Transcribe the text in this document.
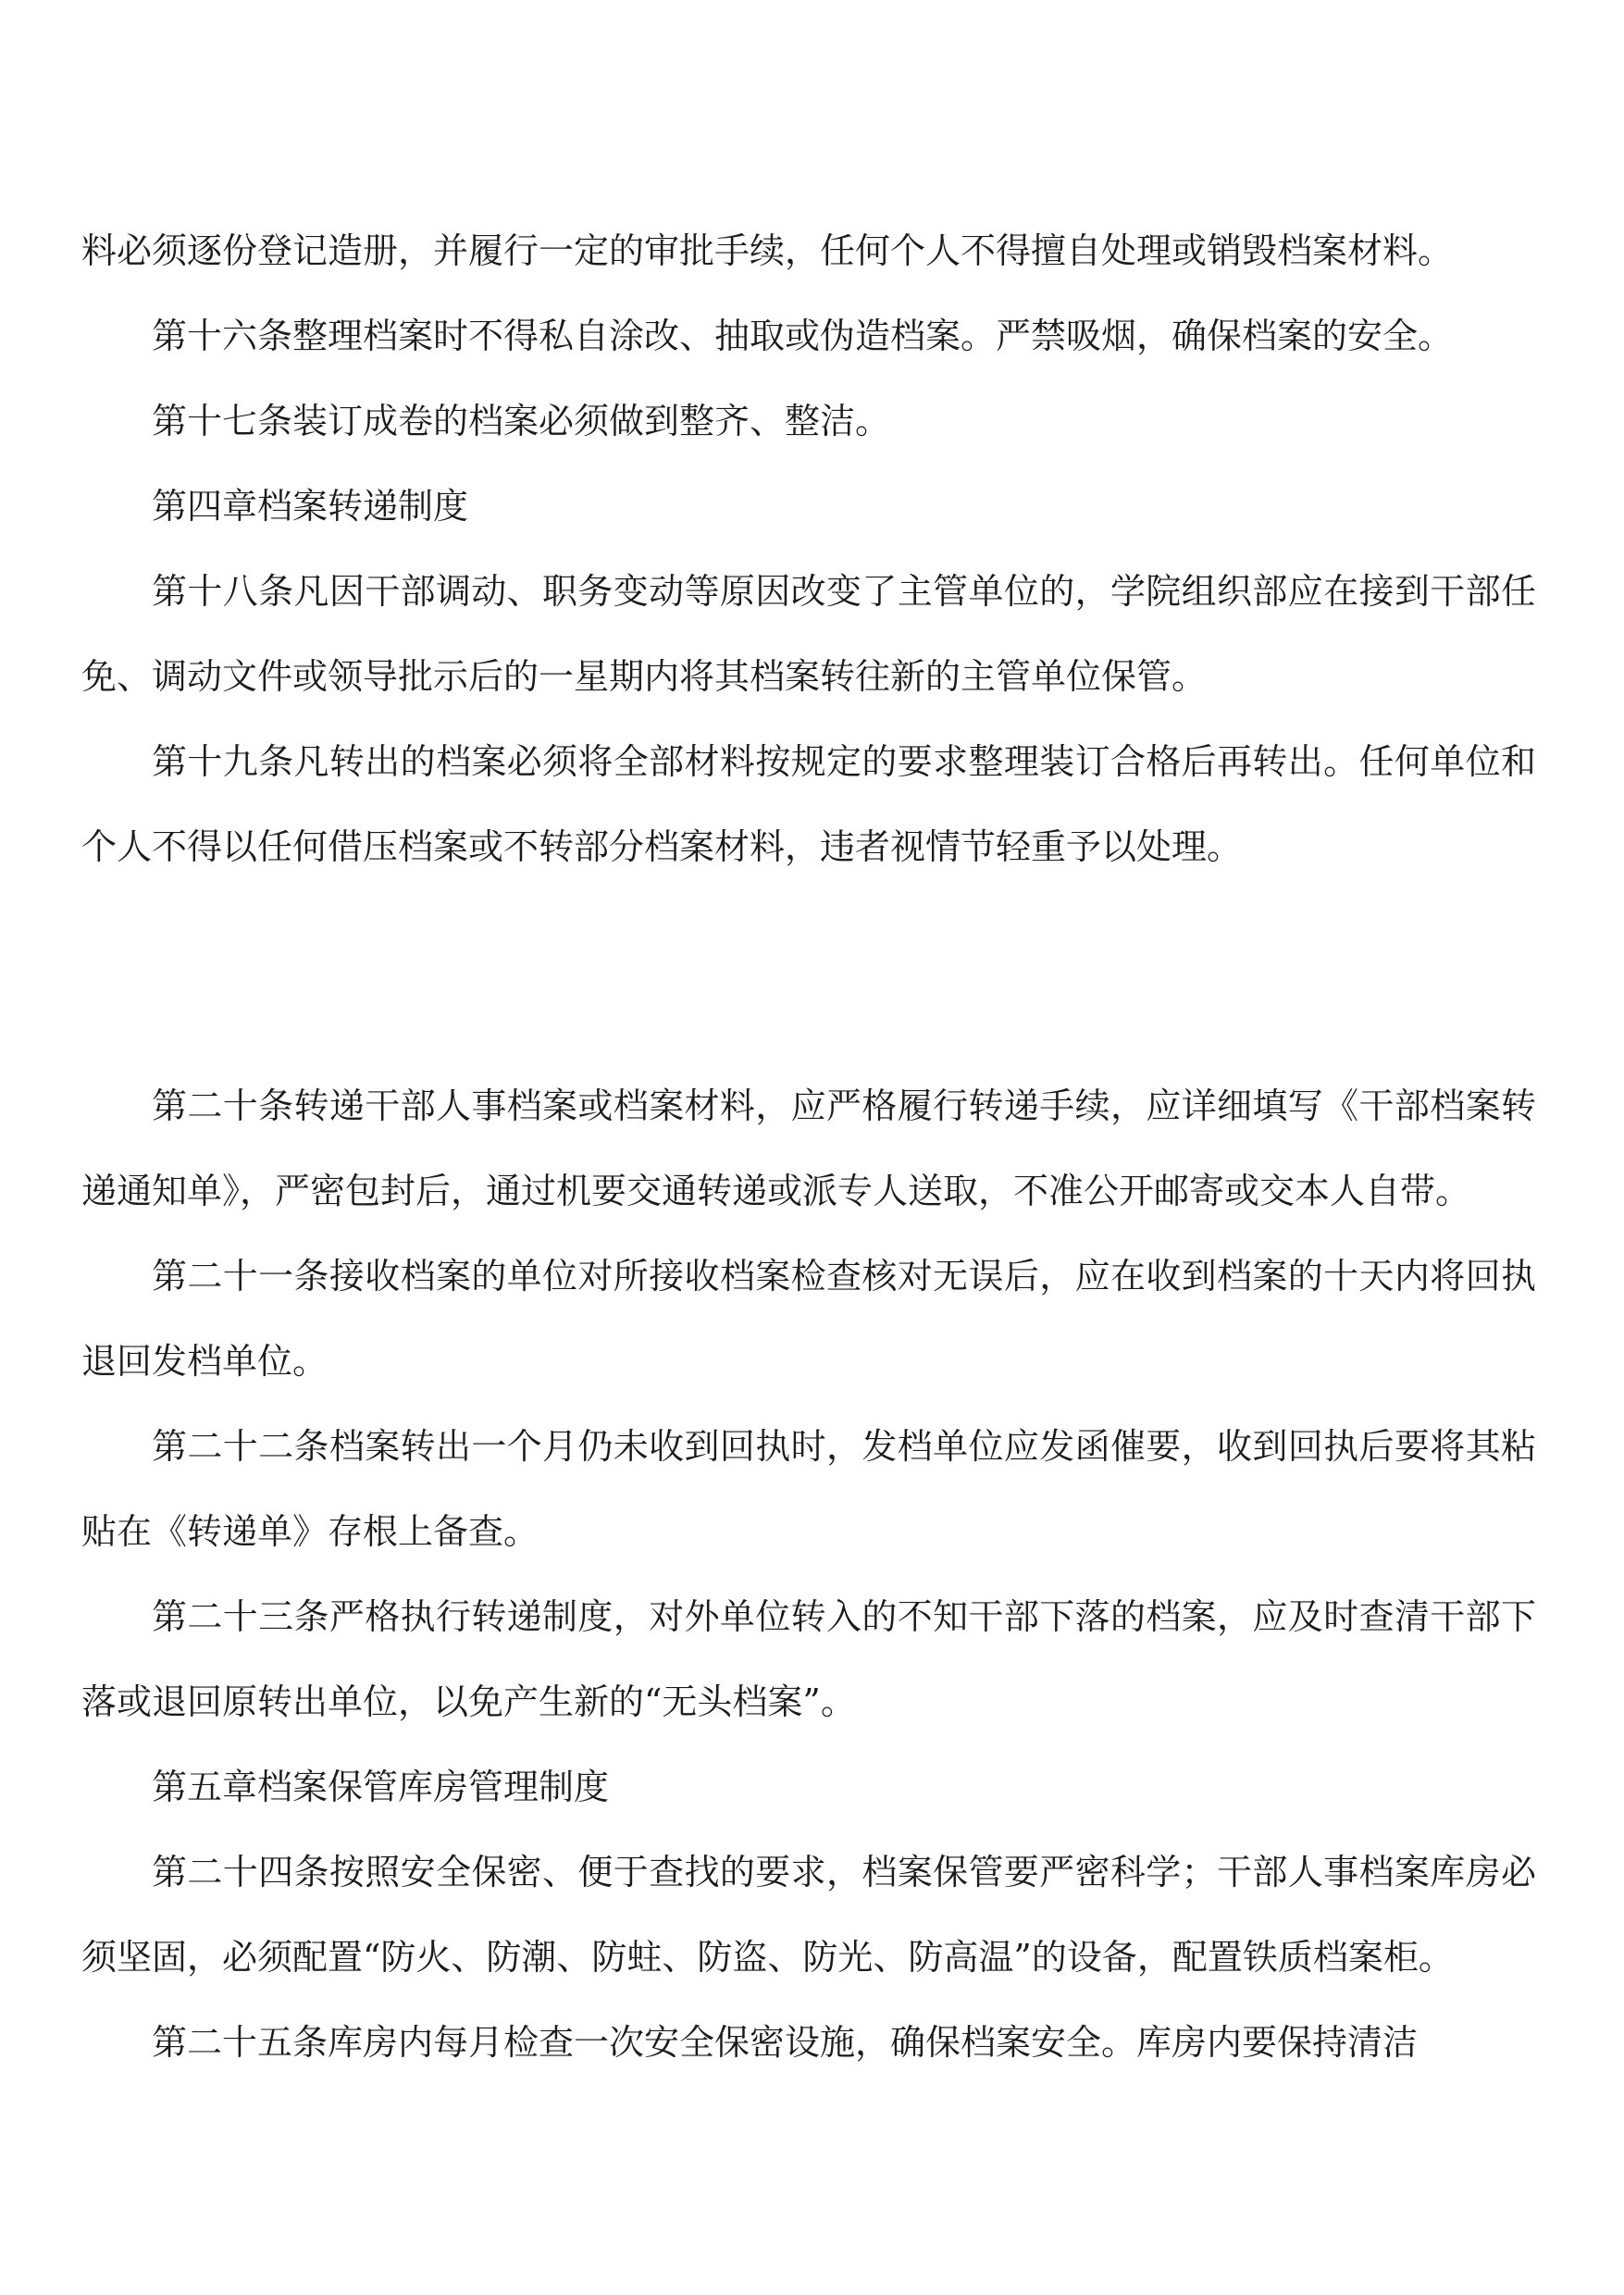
料必须逐份登记造册，并履行一定的审批手续，任何个人不得擅自处理或销毁档案材料。

第十六条整理档案时不得私自涂改、抽取或伪造档案。严禁吸烟，确保档案的安全。

第十七条装订成卷的档案必须做到整齐、整洁。

第四章档案转递制度

第十八条凡因干部调动、职务变动等原因改变了主管单位的，学院组织部应在接到干部任免、调动文件或领导批示后的一星期内将其档案转往新的主管单位保管。

第十九条凡转出的档案必须将全部材料按规定的要求整理装订合格后再转出。任何单位和个人不得以任何借压档案或不转部分档案材料，违者视情节轻重予以处理。

第二十条转递干部人事档案或档案材料，应严格履行转递手续，应详细填写《干部档案转递通知单》，严密包封后，通过机要交通转递或派专人送取，不准公开邮寄或交本人自带。

第二十一条接收档案的单位对所接收档案检查核对无误后，应在收到档案的十天内将回执退回发档单位。

第二十二条档案转出一个月仍未收到回执时，发档单位应发函催要，收到回执后要将其粘贴在《转递单》存根上备查。

第二十三条严格执行转递制度，对外单位转入的不知干部下落的档案，应及时查清干部下落或退回原转出单位，以免产生新的“无头档案”。

第五章档案保管库房管理制度

第二十四条按照安全保密、便于查找的要求，档案保管要严密科学；干部人事档案库房必须坚固，必须配置“防火、防潮、防蛀、防盗、防光、防高温”的设备，配置铁质档案柜。

第二十五条库房内每月检查一次安全保密设施，确保档案安全。库房内要保持清洁
